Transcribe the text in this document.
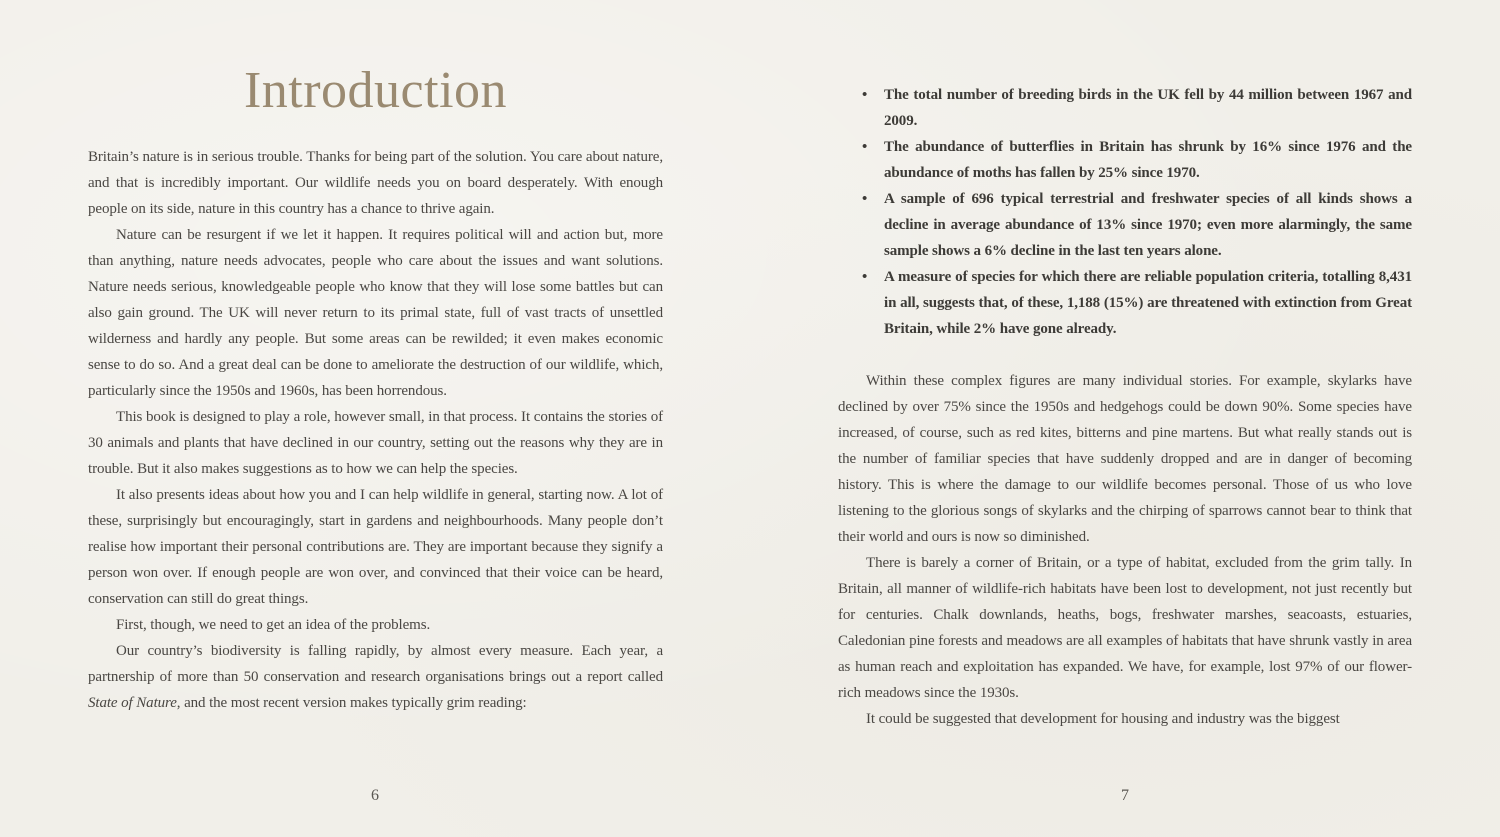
Introduction

Britain’s nature is in serious trouble. Thanks for being part of the solution. You care about nature, and that is incredibly important. Our wildlife needs you on board desperately. With enough people on its side, nature in this country has a chance to thrive again.

Nature can be resurgent if we let it happen. It requires political will and action but, more than anything, nature needs advocates, people who care about the issues and want solutions. Nature needs serious, knowledgeable people who know that they will lose some battles but can also gain ground. The UK will never return to its primal state, full of vast tracts of unsettled wilderness and hardly any people. But some areas can be rewilded; it even makes economic sense to do so. And a great deal can be done to ameliorate the destruction of our wildlife, which, particularly since the 1950s and 1960s, has been horrendous.

This book is designed to play a role, however small, in that process. It contains the stories of 30 animals and plants that have declined in our country, setting out the reasons why they are in trouble. But it also makes suggestions as to how we can help the species.

It also presents ideas about how you and I can help wildlife in general, starting now. A lot of these, surprisingly but encouragingly, start in gardens and neighbourhoods. Many people don’t realise how important their personal contributions are. They are important because they signify a person won over. If enough people are won over, and convinced that their voice can be heard, conservation can still do great things.

First, though, we need to get an idea of the problems.

Our country’s biodiversity is falling rapidly, by almost every measure. Each year, a partnership of more than 50 conservation and research organisations brings out a report called State of Nature, and the most recent version makes typically grim reading:

6
• The total number of breeding birds in the UK fell by 44 million between 1967 and 2009.
• The abundance of butterflies in Britain has shrunk by 16% since 1976 and the abundance of moths has fallen by 25% since 1970.
• A sample of 696 typical terrestrial and freshwater species of all kinds shows a decline in average abundance of 13% since 1970; even more alarmingly, the same sample shows a 6% decline in the last ten years alone.
• A measure of species for which there are reliable population criteria, totalling 8,431 in all, suggests that, of these, 1,188 (15%) are threatened with extinction from Great Britain, while 2% have gone already.

Within these complex figures are many individual stories. For example, skylarks have declined by over 75% since the 1950s and hedgehogs could be down 90%. Some species have increased, of course, such as red kites, bitterns and pine martens. But what really stands out is the number of familiar species that have suddenly dropped and are in danger of becoming history. This is where the damage to our wildlife becomes personal. Those of us who love listening to the glorious songs of skylarks and the chirping of sparrows cannot bear to think that their world and ours is now so diminished.

There is barely a corner of Britain, or a type of habitat, excluded from the grim tally. In Britain, all manner of wildlife-rich habitats have been lost to development, not just recently but for centuries. Chalk downlands, heaths, bogs, freshwater marshes, seacoasts, estuaries, Caledonian pine forests and meadows are all examples of habitats that have shrunk vastly in area as human reach and exploitation has expanded. We have, for example, lost 97% of our flower-rich meadows since the 1930s.

It could be suggested that development for housing and industry was the biggest

7
